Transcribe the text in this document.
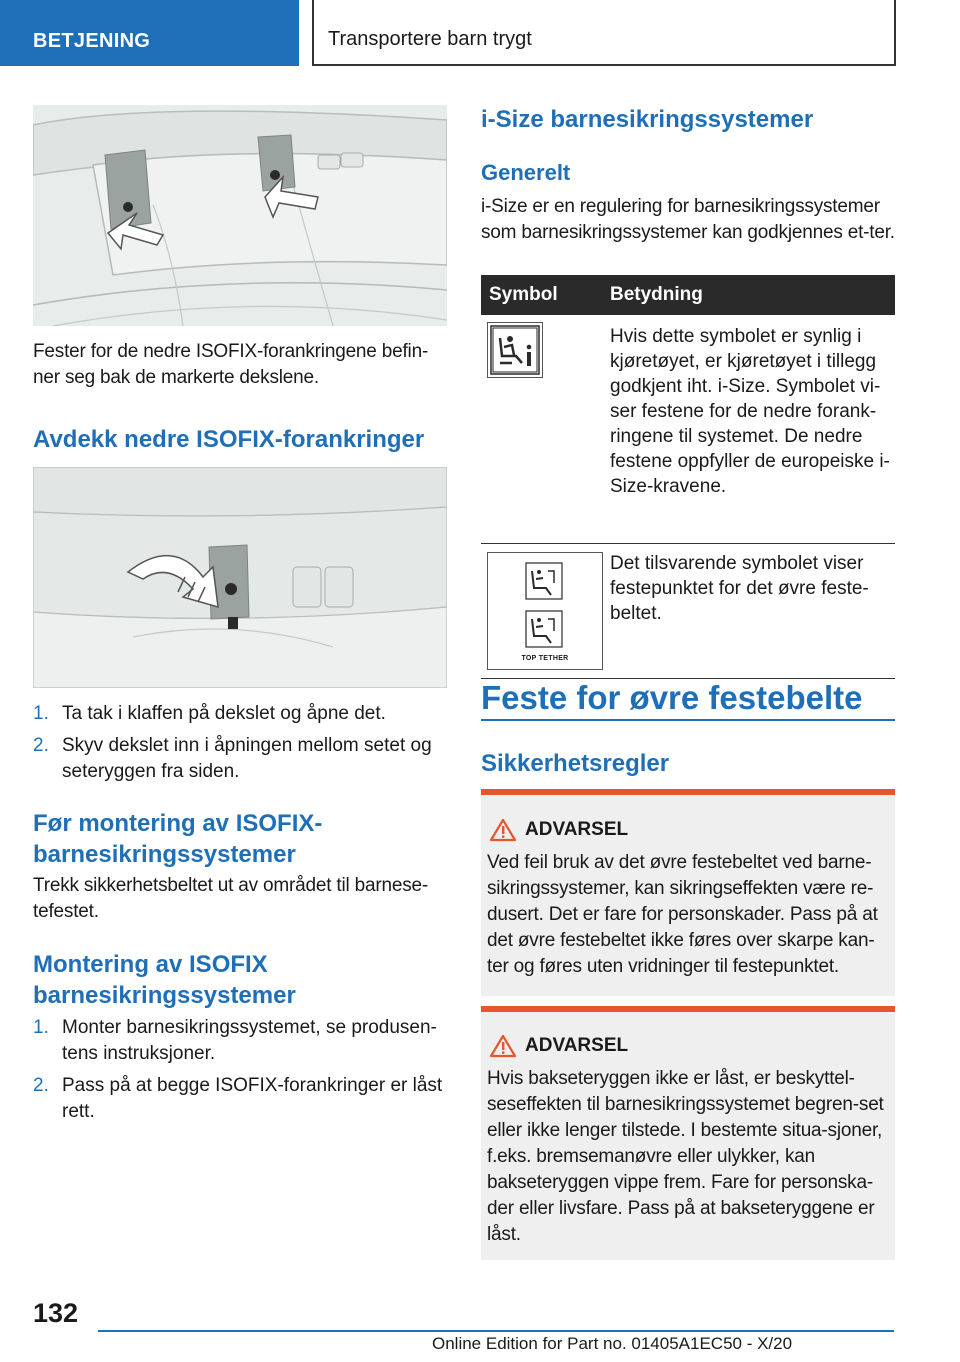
BETJENING	Transportere barn trygt
Fester for de nedre ISOFIX-forankringene befin-ner seg bak de markerte dekslene.
Avdekk nedre ISOFIX-forankringer
1. Ta tak i klaffen på dekslet og åpne det.
2. Skyv dekslet inn i åpningen mellom setet og seteryggen fra siden.
Før montering av ISOFIX-
barnesikringssystemer
Trekk sikkerhetsbeltet ut av området til barnese-tefestet.
Montering av ISOFIX
barnesikringssystemer
1. Monter barnesikringssystemet, se produsen-tens instruksjoner.
2. Pass på at begge ISOFIX-forankringer er låst rett.
i-Size barnesikringssystemer
Generelt
i-Size er en regulering for barnesikringssystemer som barnesikringssystemer kan godkjennes et-ter.
Symbol	Betydning
Hvis dette symbolet er synlig i kjøretøyet, er kjøretøyet i tillegg godkjent iht. i-Size. Symbolet vi-ser festene for de nedre forank-ringene til systemet. De nedre festene oppfyller de europeiske i-Size-kravene.
TOP TETHER
Det tilsvarende symbolet viser festepunktet for det øvre feste-beltet.
Feste for øvre festebelte
Sikkerhetsregler
ADVARSEL
Ved feil bruk av det øvre festebeltet ved barne-sikringssystemer, kan sikringseffekten være re-dusert. Det er fare for personskader. Pass på at det øvre festebeltet ikke føres over skarpe kan-ter og føres uten vridninger til festepunktet.
ADVARSEL
Hvis bakseteryggen ikke er låst, er beskyttel-seseffekten til barnesikringssystemet begren-set eller ikke lenger tilstede. I bestemte situa-sjoner, f.eks. bremsemanøvre eller ulykker, kan bakseteryggen vippe frem. Fare for personska-der eller livsfare. Pass på at bakseteryggene er låst.
132
Online Edition for Part no. 01405A1EC50 - X/20
